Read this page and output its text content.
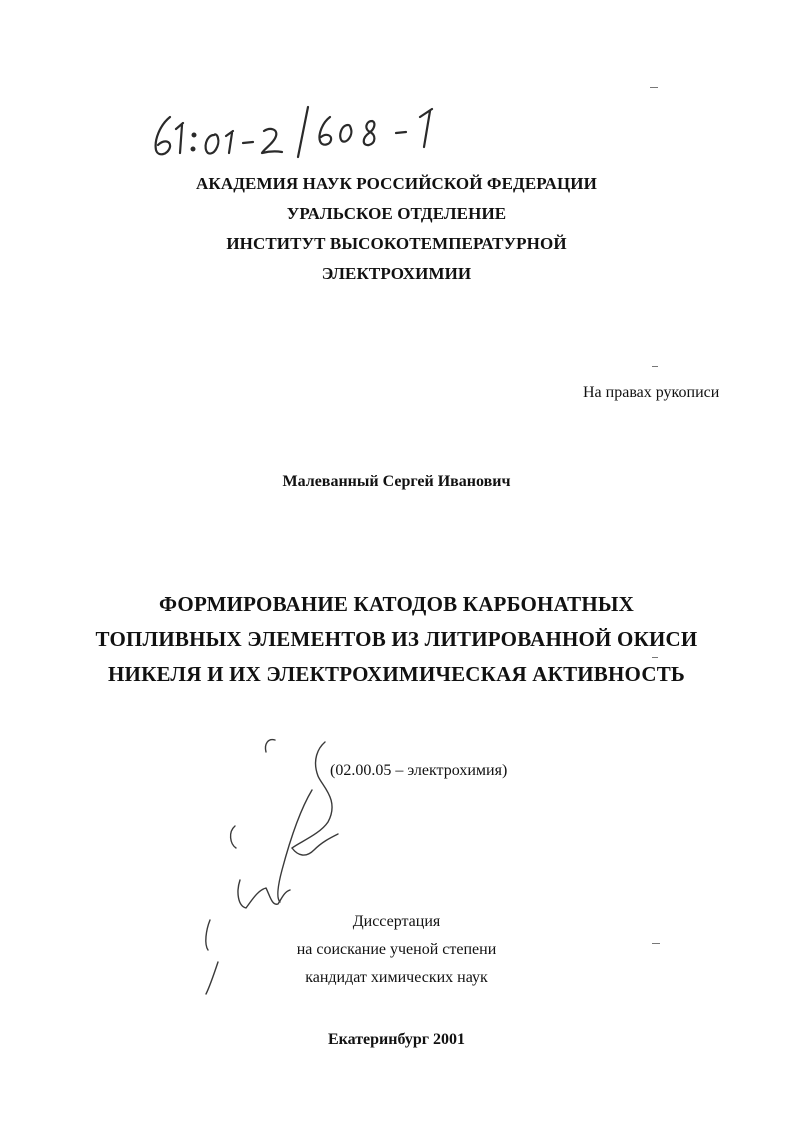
АКАДЕМИЯ НАУК РОССИЙСКОЙ ФЕДЕРАЦИИ
УРАЛЬСКОЕ ОТДЕЛЕНИЕ
ИНСТИТУТ ВЫСОКОТЕМПЕРАТУРНОЙ
ЭЛЕКТРОХИМИИ
На правах рукописи
Малеванный Сергей Иванович
ФОРМИРОВАНИЕ КАТОДОВ КАРБОНАТНЫХ
ТОПЛИВНЫХ ЭЛЕМЕНТОВ ИЗ ЛИТИРОВАННОЙ ОКИСИ
НИКЕЛЯ И ИХ ЭЛЕКТРОХИМИЧЕСКАЯ АКТИВНОСТЬ
(02.00.05 – электрохимия)
Диссертация
на соискание ученой степени
кандидат химических наук
Екатеринбург 2001
